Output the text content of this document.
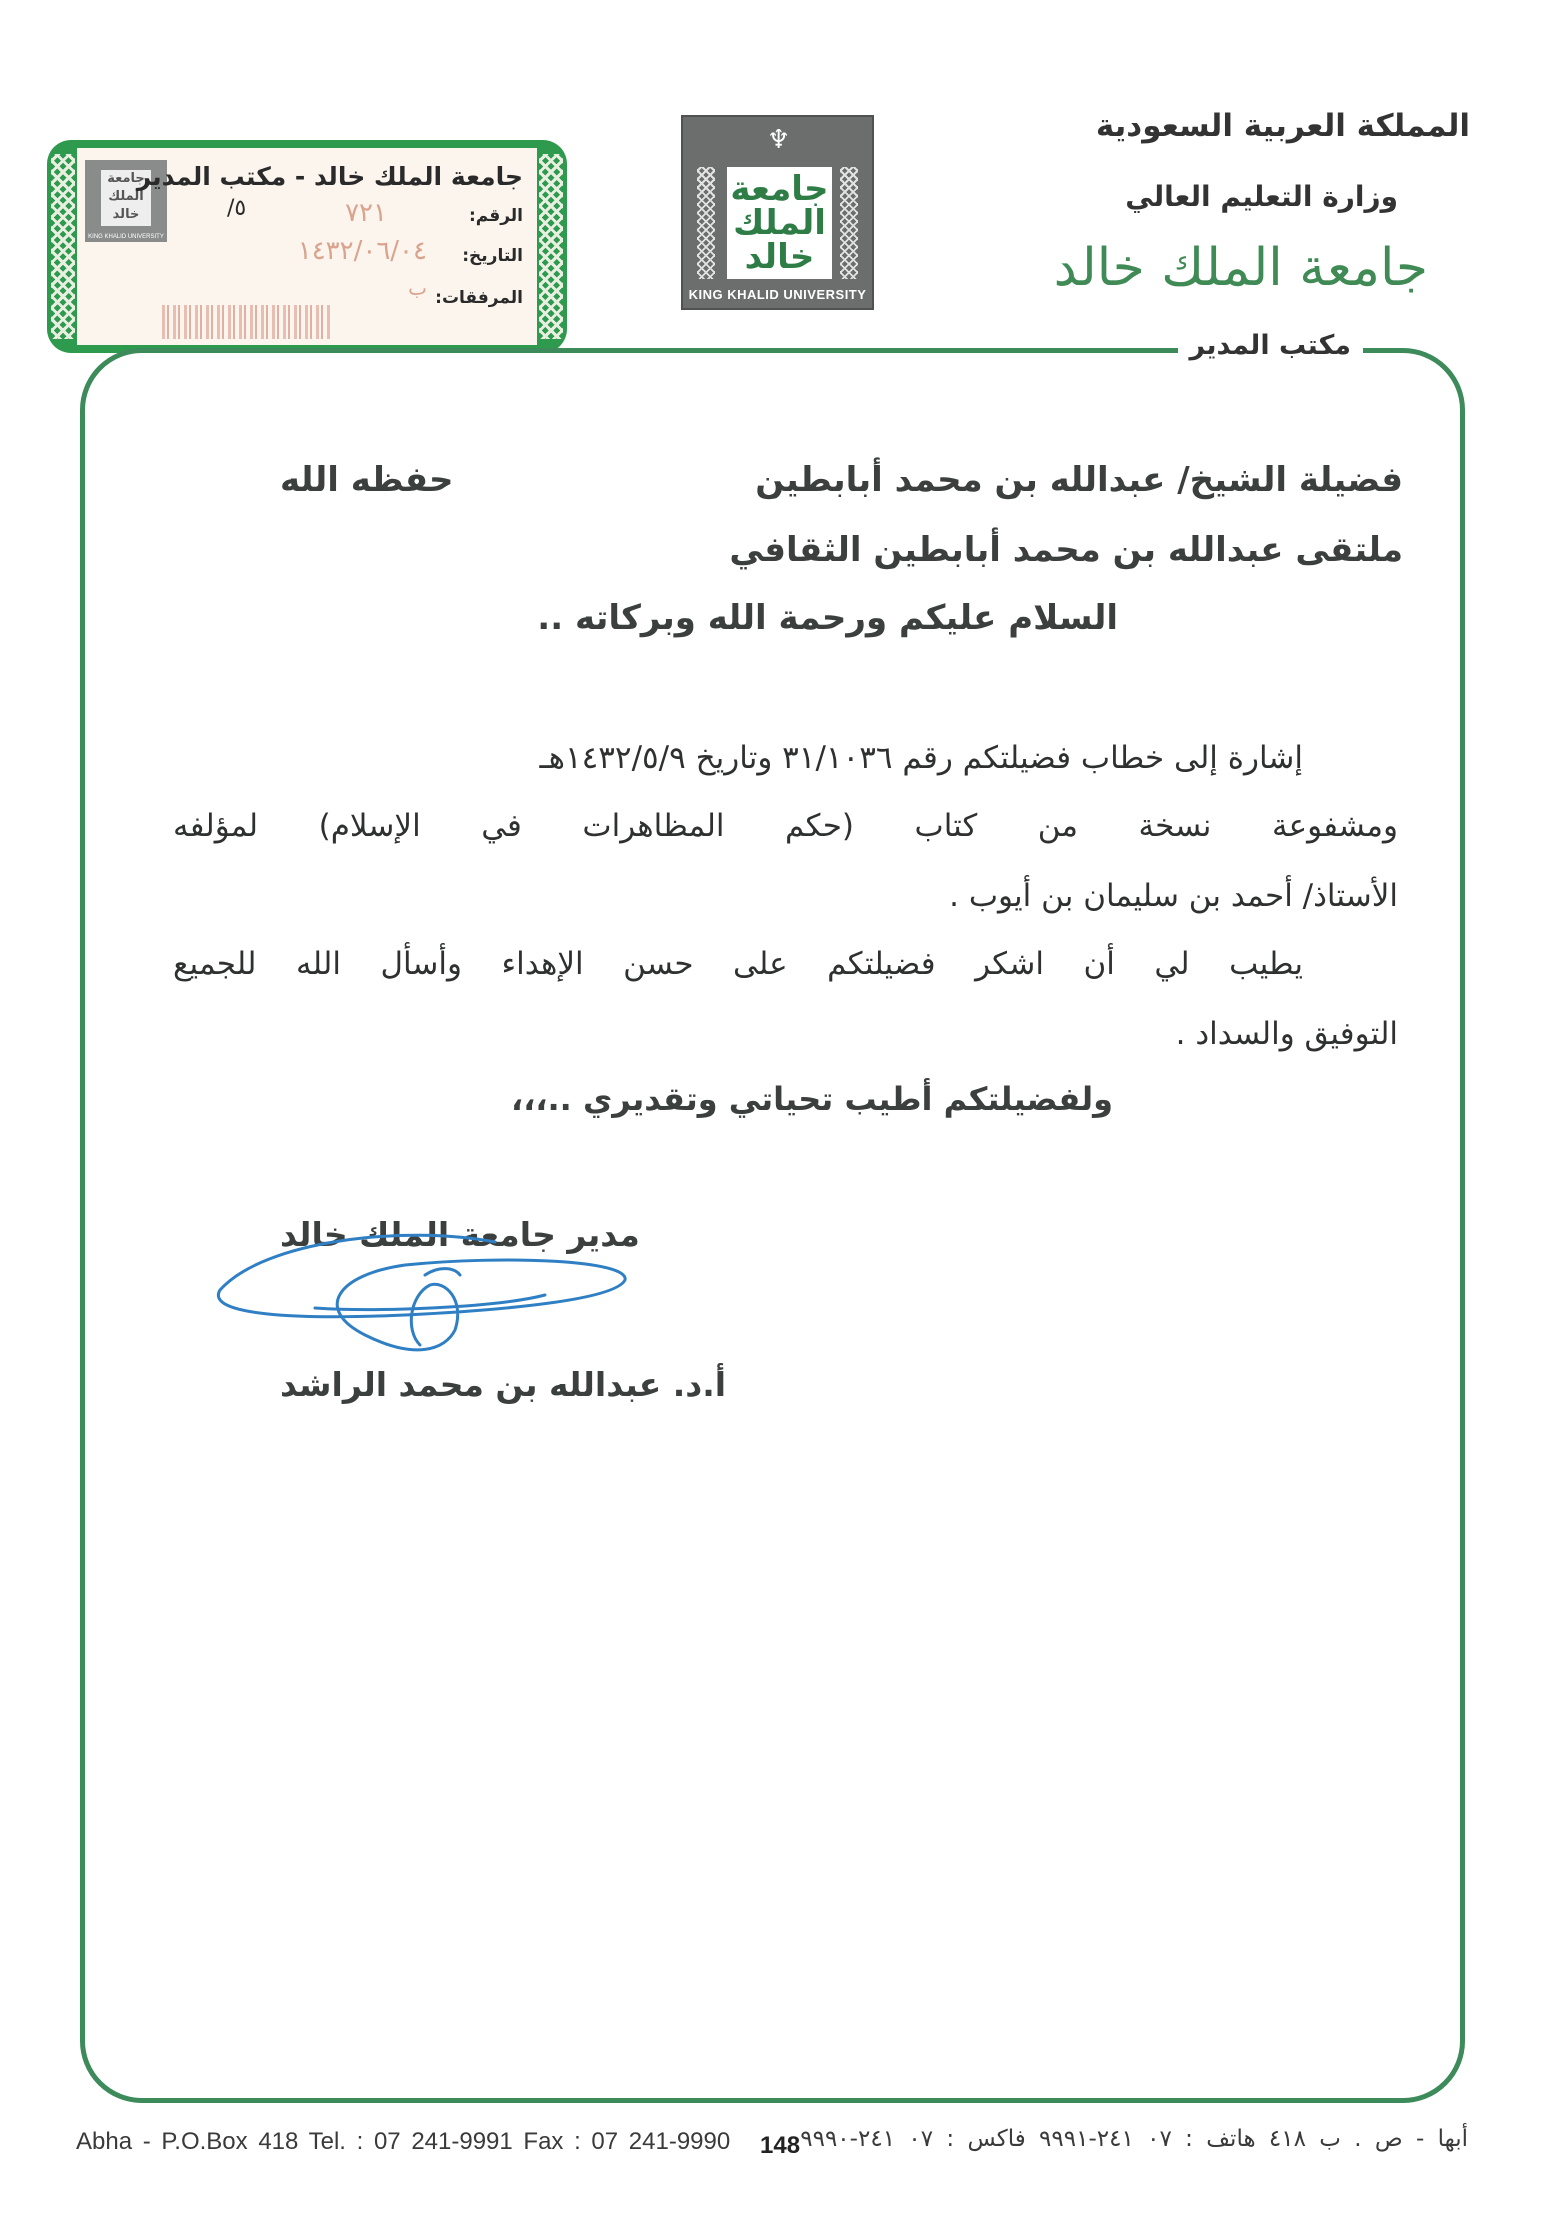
المملكة العربية السعودية
وزارة التعليم العالي
جامعة الملك خالد
♆
جامعة الملك خالد
KING KHALID UNIVERSITY
جامعة الملك خالد
KING KHALID UNIVERSITY
جامعة الملك خالد - مكتب المدير
الرقم:
٧٢١
٥/
التاريخ:
١٤٣٢/٠٦/٠٤
المرفقات:
ب
مكتب المدير
فضيلة الشيخ/ عبدالله بن محمد أبابطين
حفظه الله
ملتقى عبدالله بن محمد أبابطين الثقافي
السلام عليكم ورحمة الله وبركاته ..
إشارة إلى خطاب فضيلتكم رقم ٣١/١٠٣٦ وتاريخ ١٤٣٢/٥/٩هـ
ومشفوعة نسخة من كتاب (حكم المظاهرات في الإسلام) لمؤلفه
الأستاذ/ أحمد بن سليمان بن أيوب .
يطيب لي أن اشكر فضيلتكم على حسن الإهداء وأسأل الله للجميع
التوفيق والسداد .
ولفضيلتكم أطيب تحياتي وتقديري ..،،،
مدير جامعة الملك خالد
أ.د. عبدالله بن محمد الراشد
Abha - P.O.Box 418 Tel. : 07 241-9991 Fax : 07 241-9990 148 أبها - ص . ب ٤١٨ هاتف : ٠٧ ٢٤١-٩٩٩١ فاكس : ٠٧ ٢٤١-٩٩٩٠
